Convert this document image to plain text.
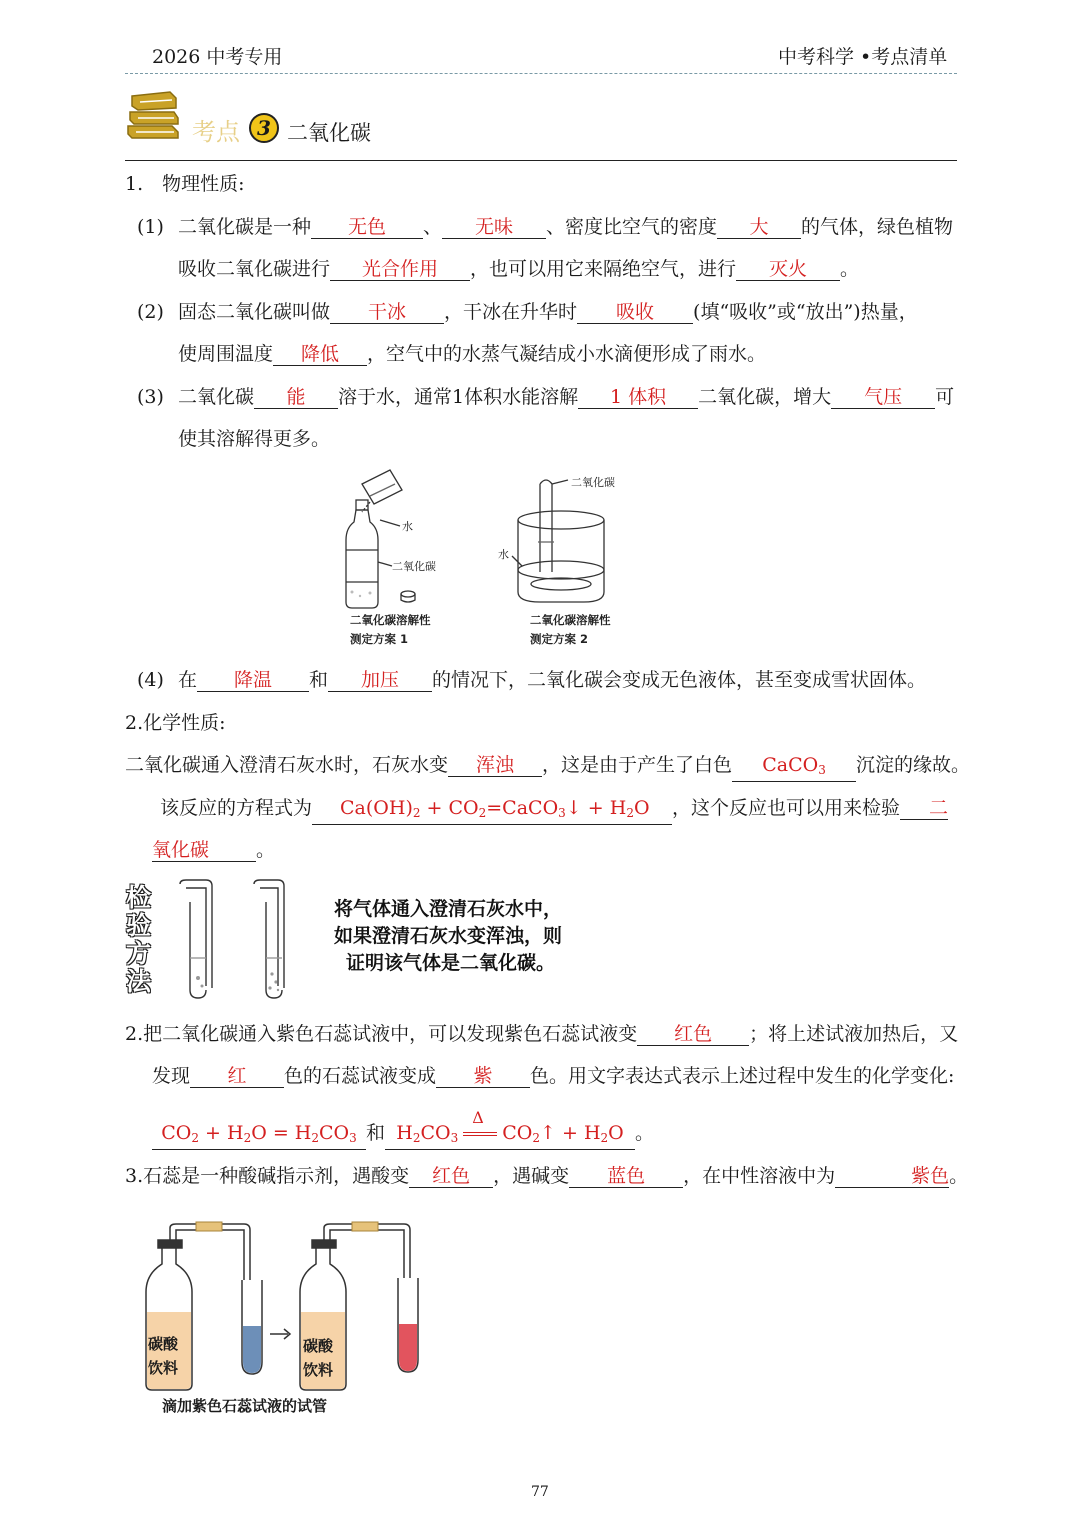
2026 中考专用	中考科学 •考点清单
考点 3 二氧化碳
1.　物理性质:
(1) 二氧化碳是一种 无色 、 无味 、密度比空气的密度 大 的气体，绿色植物
吸收二氧化碳进行 光合作用 ，也可以用它来隔绝空气，进行 灭火 。
(2) 固态二氧化碳叫做 干冰 ，干冰在升华时 吸收 (填“吸收”或“放出”)热量，
使周围温度 降低 ，空气中的水蒸气凝结成小水滴便形成了雨水。
(3) 二氧化碳 能 溶于水，通常1体积水能溶解 1 体积 二氧化碳，增大 气压 可
使其溶解得更多。
水
二氧化碳
二氧化碳
水
二氧化碳溶解性
测定方案 1
二氧化碳溶解性
测定方案 2
(4) 在 降温 和 加压 的情况下，二氧化碳会变成无色液体，甚至变成雪状固体。
2.化学性质:
二氧化碳通入澄清石灰水时，石灰水变 浑浊 ，这是由于产生了白色 CaCO$_3$ 沉淀的缘故。
该反应的方程式为 $Ca(OH)_2$ + $CO_2=CaCO_3↓ + H_2O$ ，这个反应也可以用来检验 二
氧化碳 。
检
验
方
法
将气体通入澄清石灰水中，
如果澄清石灰水变浑浊，则
证明该气体是二氧化碳。
2.把二氧化碳通入紫色石蕊试液中，可以发现紫色石蕊试液变 红色 ；将上述试液加热后，又
发现 红 色的石蕊试液变成 紫 色。用文字表达式表示上述过程中发生的化学变化:
$CO_2 + H_2O = H_2CO_3$ 和 $H_2CO_3$
Δ
$CO_2↑ + H_2O$ 。
3.石蕊是一种酸碱指示剂，遇酸变 红色 ，遇碱变 蓝色 ，在中性溶液中为	紫色。
碳酸
饮料
碳酸
饮料
滴加紫色石蕊试液的试管
77
